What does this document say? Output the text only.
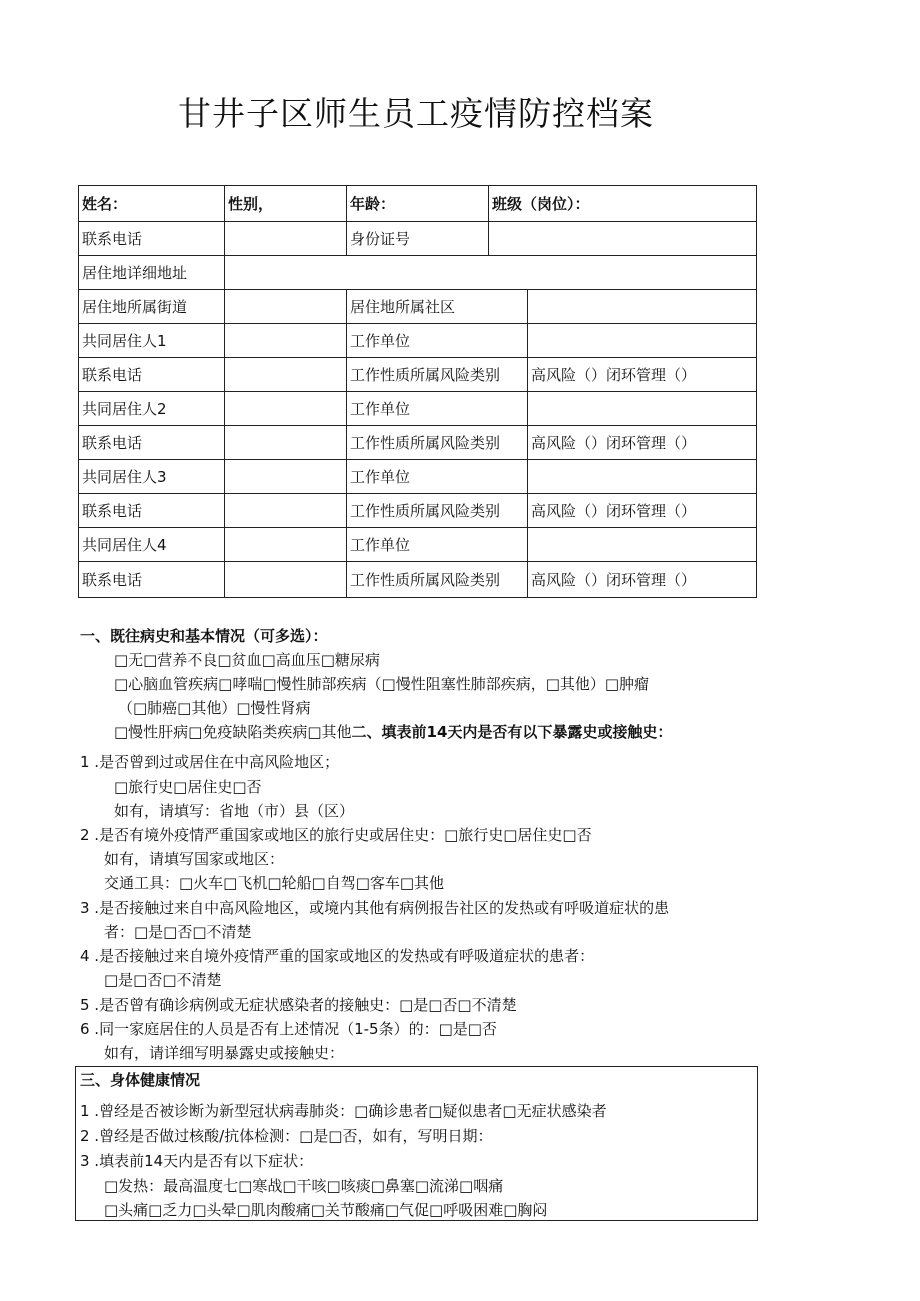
甘井子区师生员工疫情防控档案
姓名：	性别，	年龄：	班级（岗位）：	
联系电话		身份证号		
居住地详细地址				
居住地所属街道		居住地所属社区		
共同居住人1		工作单位		
联系电话		工作性质所属风险类别		高风险（）闭环管理（）
共同居住人2		工作单位		
联系电话		工作性质所属风险类别		高风险（）闭环管理（）
共同居住人3		工作单位		
联系电话		工作性质所属风险类别		高风险（）闭环管理（）
共同居住人4		工作单位		
联系电话		工作性质所属风险类别		高风险（）闭环管理（）
一、既往病史和基本情况（可多选）：
□无□营养不良□贫血□高血压□糖尿病
□心脑血管疾病□哮喘□慢性肺部疾病（□慢性阻塞性肺部疾病，□其他）□肿瘤
（□肺癌□其他）□慢性肾病
□慢性肝病□免疫缺陷类疾病□其他二、填表前14天内是否有以下暴露史或接触史：
1 .是否曾到过或居住在中高风险地区；
□旅行史□居住史□否
如有，请填写：省地（市）县（区）
2 .是否有境外疫情严重国家或地区的旅行史或居住史：□旅行史□居住史□否
如有，请填写国家或地区：
交通工具：□火车□飞机□轮船□自驾□客车□其他
3 .是否接触过来自中高风险地区，或境内其他有病例报告社区的发热或有呼吸道症状的患
者：□是□否□不清楚
4 .是否接触过来自境外疫情严重的国家或地区的发热或有呼吸道症状的患者：
□是□否□不清楚
5 .是否曾有确诊病例或无症状感染者的接触史：□是□否□不清楚
6 .同一家庭居住的人员是否有上述情况（1-5条）的：□是□否
如有，请详细写明暴露史或接触史：
三、身体健康情况
1 .曾经是否被诊断为新型冠状病毒肺炎：□确诊患者□疑似患者□无症状感染者
2 .曾经是否做过核酸/抗体检测：□是□否，如有，写明日期：
3 .填表前14天内是否有以下症状：
□发热：最高温度七□寒战□干咳□咳痰□鼻塞□流涕□咽痛
□头痛□乏力□头晕□肌肉酸痛□关节酸痛□气促□呼吸困难□胸闷
